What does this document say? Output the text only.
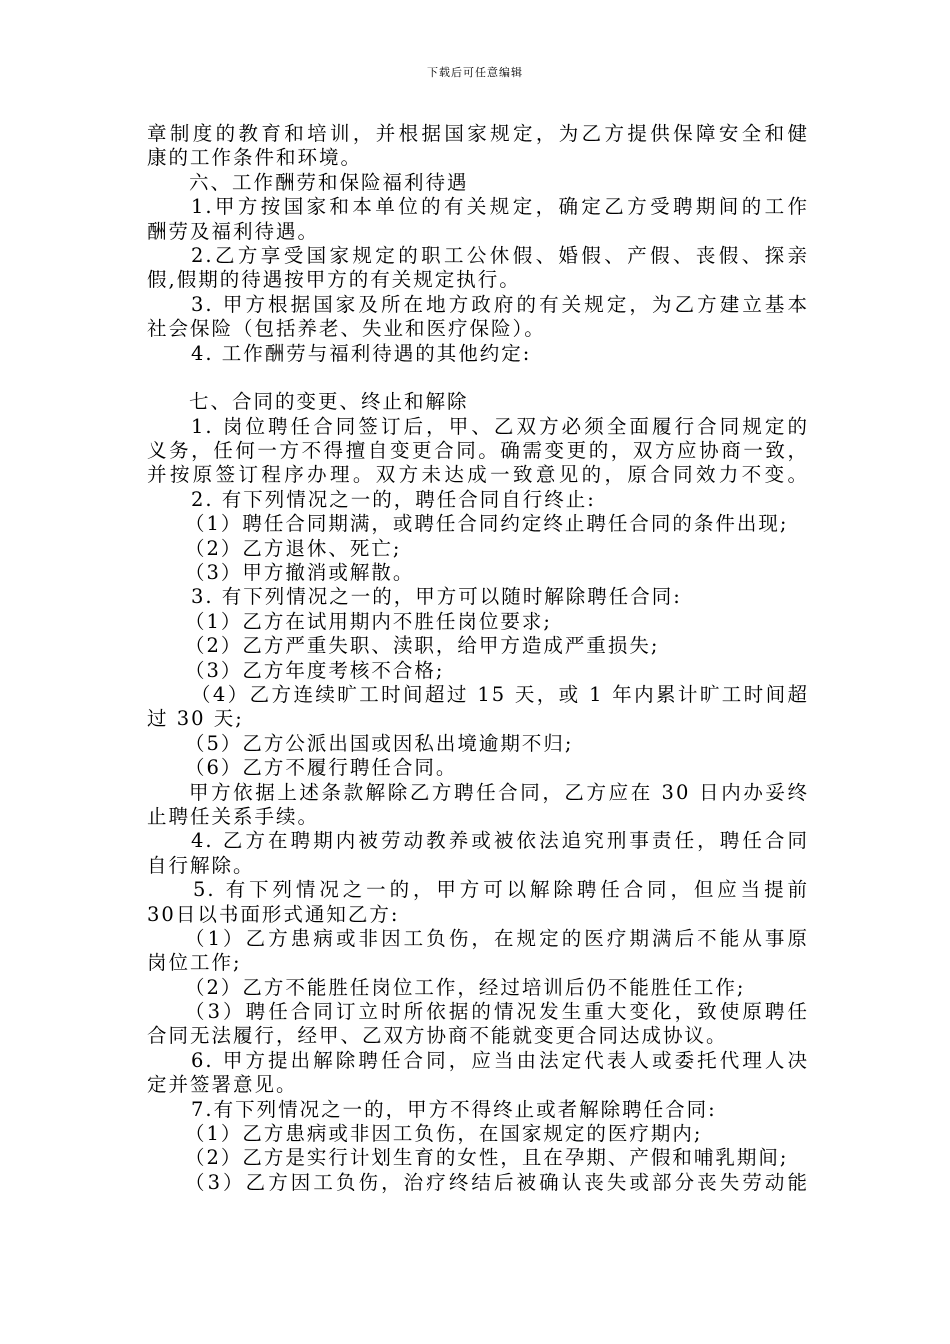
下载后可任意编辑
章制度的教育和培训，并根据国家规定，为乙方提供保障安全和健
康的工作条件和环境。
六、工作酬劳和保险福利待遇
1.甲方按国家和本单位的有关规定，确定乙方受聘期间的工作
酬劳及福利待遇。
2.乙方享受国家规定的职工公休假、婚假、产假、丧假、探亲
假,假期的待遇按甲方的有关规定执行。
3. 甲方根据国家及所在地方政府的有关规定，为乙方建立基本
社会保险（包括养老、失业和医疗保险）。
4. 工作酬劳与福利待遇的其他约定:
七、合同的变更、终止和解除
1. 岗位聘任合同签订后，甲、乙双方必须全面履行合同规定的
义务，任何一方不得擅自变更合同。确需变更的，双方应协商一致，
并按原签订程序办理。双方未达成一致意见的，原合同效力不变。
2. 有下列情况之一的，聘任合同自行终止:
（1）聘任合同期满，或聘任合同约定终止聘任合同的条件出现;
（2）乙方退休、死亡;
（3）甲方撤消或解散。
3. 有下列情况之一的，甲方可以随时解除聘任合同:
（1）乙方在试用期内不胜任岗位要求;
（2）乙方严重失职、渎职，给甲方造成严重损失;
（3）乙方年度考核不合格;
（4）乙方连续旷工时间超过 15 天，或 1 年内累计旷工时间超
过 30 天;
（5）乙方公派出国或因私出境逾期不归;
（6）乙方不履行聘任合同。
甲方依据上述条款解除乙方聘任合同，乙方应在 30 日内办妥终
止聘任关系手续。
4. 乙方在聘期内被劳动教养或被依法追究刑事责任，聘任合同
自行解除。
5. 有下列情况之一的，甲方可以解除聘任合同，但应当提前
30日以书面形式通知乙方:
（1）乙方患病或非因工负伤，在规定的医疗期满后不能从事原
岗位工作;
（2）乙方不能胜任岗位工作，经过培训后仍不能胜任工作;
（3）聘任合同订立时所依据的情况发生重大变化，致使原聘任
合同无法履行，经甲、乙双方协商不能就变更合同达成协议。
6. 甲方提出解除聘任合同，应当由法定代表人或委托代理人决
定并签署意见。
7.有下列情况之一的，甲方不得终止或者解除聘任合同:
（1）乙方患病或非因工负伤，在国家规定的医疗期内;
（2）乙方是实行计划生育的女性，且在孕期、产假和哺乳期间;
（3）乙方因工负伤，治疗终结后被确认丧失或部分丧失劳动能
